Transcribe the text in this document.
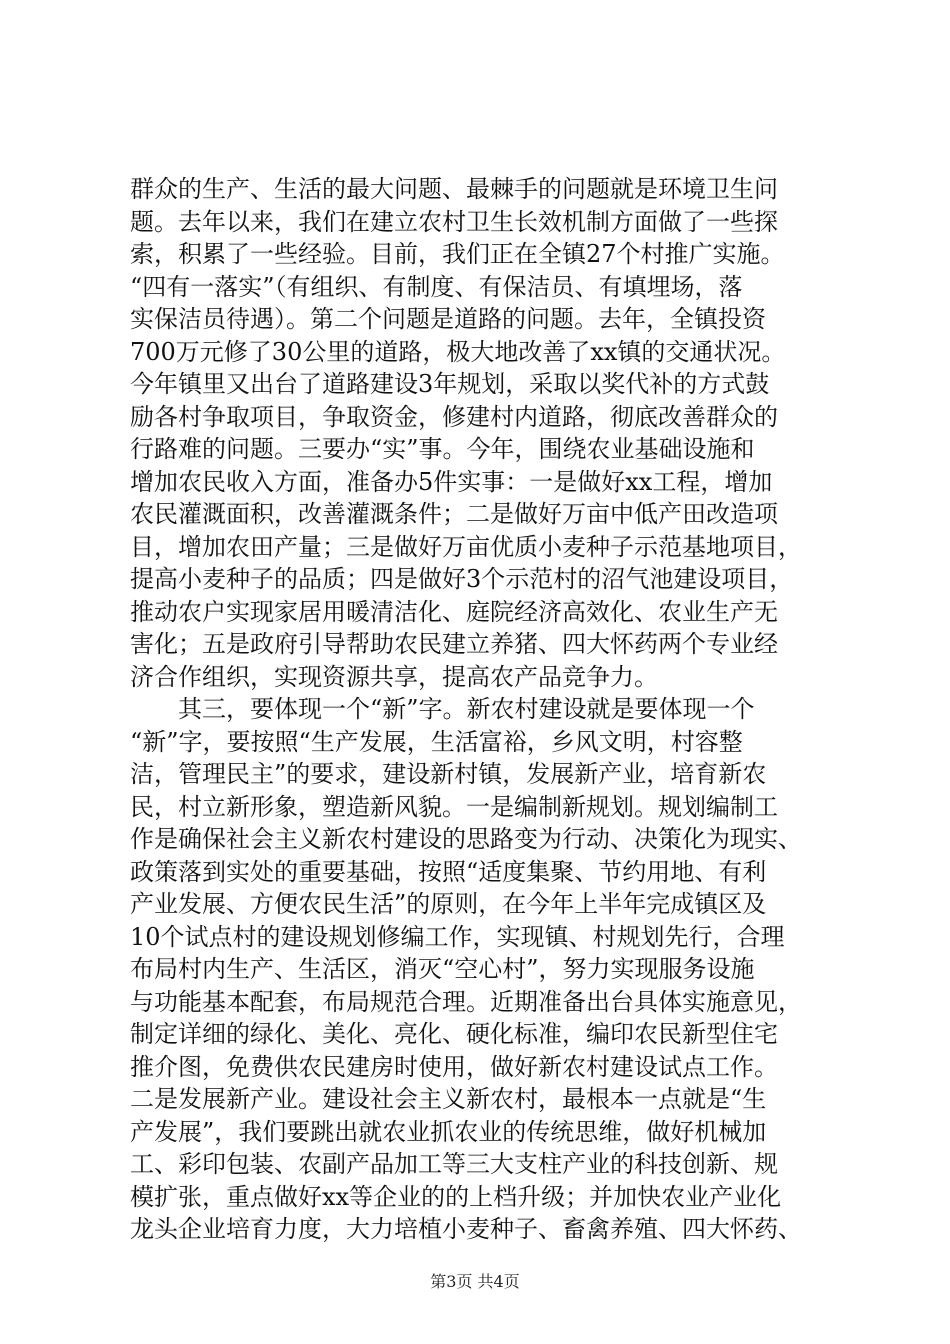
群众的生产、生活的最大问题、最棘手的问题就是环境卫生问
题。去年以来，我们在建立农村卫生长效机制方面做了一些探
索，积累了一些经验。目前，我们正在全镇27个村推广实施。
“四有一落实”（有组织、有制度、有保洁员、有填埋场，落
实保洁员待遇）。第二个问题是道路的问题。去年，全镇投资
700万元修了30公里的道路，极大地改善了xx镇的交通状况。
今年镇里又出台了道路建设3年规划，采取以奖代补的方式鼓
励各村争取项目，争取资金，修建村内道路，彻底改善群众的
行路难的问题。三要办“实”事。今年，围绕农业基础设施和
增加农民收入方面，准备办5件实事：一是做好xx工程，增加
农民灌溉面积，改善灌溉条件；二是做好万亩中低产田改造项
目，增加农田产量；三是做好万亩优质小麦种子示范基地项目，
提高小麦种子的品质；四是做好3个示范村的沼气池建设项目，
推动农户实现家居用暖清洁化、庭院经济高效化、农业生产无
害化；五是政府引导帮助农民建立养猪、四大怀药两个专业经
济合作组织，实现资源共享，提高农产品竞争力。
　　其三，要体现一个“新”字。新农村建设就是要体现一个
“新”字，要按照“生产发展，生活富裕，乡风文明，村容整
洁，管理民主”的要求，建设新村镇，发展新产业，培育新农
民，村立新形象，塑造新风貌。一是编制新规划。规划编制工
作是确保社会主义新农村建设的思路变为行动、决策化为现实、
政策落到实处的重要基础，按照“适度集聚、节约用地、有利
产业发展、方便农民生活”的原则，在今年上半年完成镇区及
10个试点村的建设规划修编工作，实现镇、村规划先行，合理
布局村内生产、生活区，消灭“空心村”，努力实现服务设施
与功能基本配套，布局规范合理。近期准备出台具体实施意见，
制定详细的绿化、美化、亮化、硬化标准，编印农民新型住宅
推介图，免费供农民建房时使用，做好新农村建设试点工作。
二是发展新产业。建设社会主义新农村，最根本一点就是“生
产发展”，我们要跳出就农业抓农业的传统思维，做好机械加
工、彩印包装、农副产品加工等三大支柱产业的科技创新、规
模扩张，重点做好xx等企业的的上档升级；并加快农业产业化
龙头企业培育力度，大力培植小麦种子、畜禽养殖、四大怀药、
第3页 共4页
